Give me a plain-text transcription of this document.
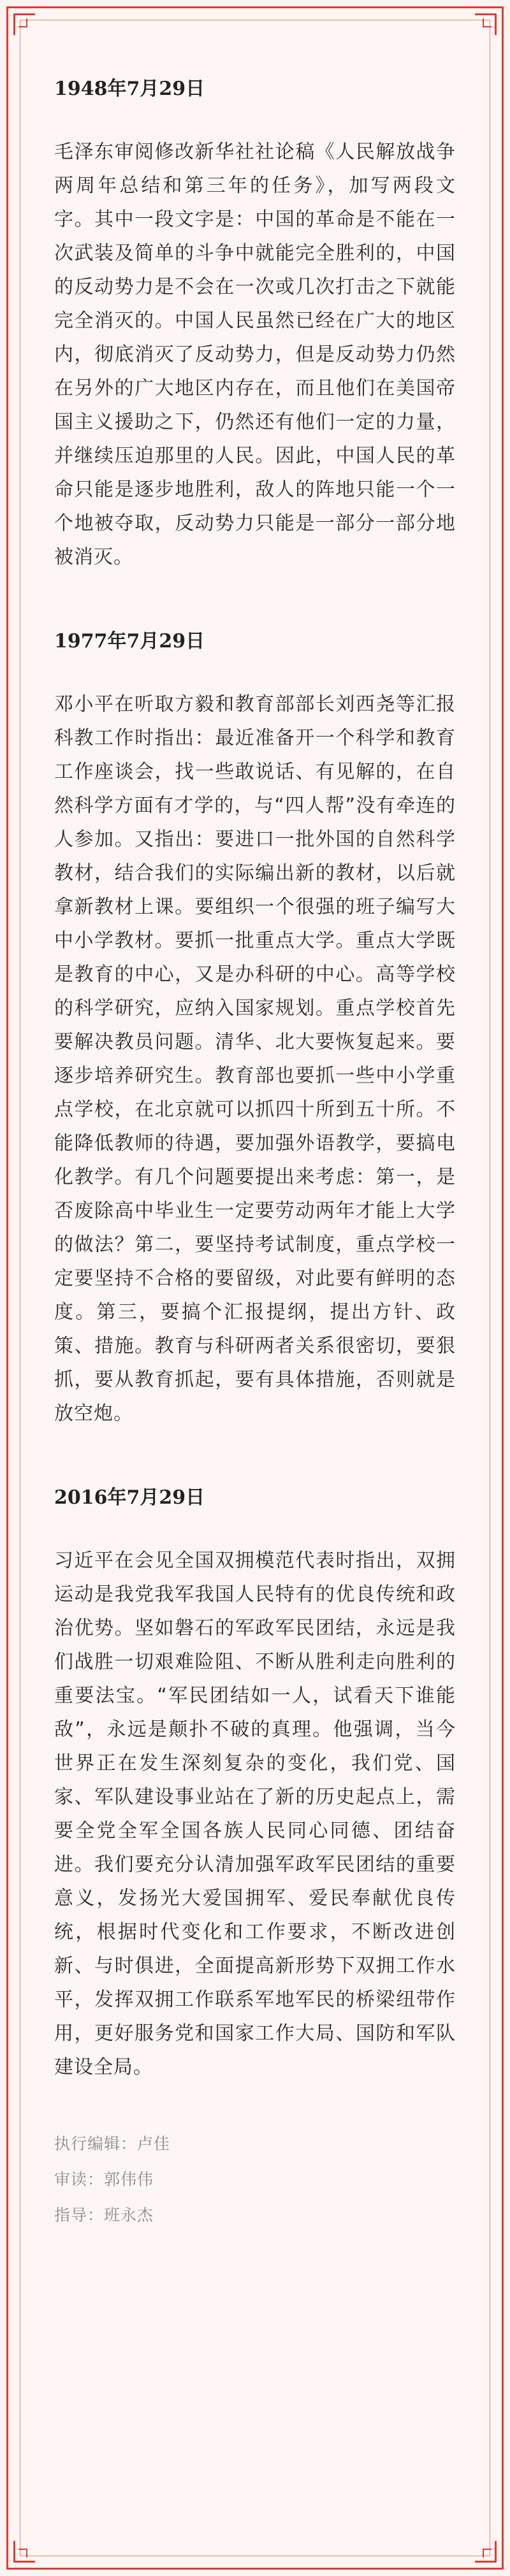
1948年7月29日

毛泽东审阅修改新华社社论稿《人民解放战争两周年总结和第三年的任务》，加写两段文字。其中一段文字是：中国的革命是不能在一次武装及简单的斗争中就能完全胜利的，中国的反动势力是不会在一次或几次打击之下就能完全消灭的。中国人民虽然已经在广大的地区内，彻底消灭了反动势力，但是反动势力仍然在另外的广大地区内存在，而且他们在美国帝国主义援助之下，仍然还有他们一定的力量，并继续压迫那里的人民。因此，中国人民的革命只能是逐步地胜利，敌人的阵地只能一个一个地被夺取，反动势力只能是一部分一部分地被消灭。

1977年7月29日

邓小平在听取方毅和教育部部长刘西尧等汇报科教工作时指出：最近准备开一个科学和教育工作座谈会，找一些敢说话、有见解的，在自然科学方面有才学的，与“四人帮”没有牵连的人参加。又指出：要进口一批外国的自然科学教材，结合我们的实际编出新的教材，以后就拿新教材上课。要组织一个很强的班子编写大中小学教材。要抓一批重点大学。重点大学既是教育的中心，又是办科研的中心。高等学校的科学研究，应纳入国家规划。重点学校首先要解决教员问题。清华、北大要恢复起来。要逐步培养研究生。教育部也要抓一些中小学重点学校，在北京就可以抓四十所到五十所。不能降低教师的待遇，要加强外语教学，要搞电化教学。有几个问题要提出来考虑：第一，是否废除高中毕业生一定要劳动两年才能上大学的做法？第二，要坚持考试制度，重点学校一定要坚持不合格的要留级，对此要有鲜明的态度。第三，要搞个汇报提纲，提出方针、政策、措施。教育与科研两者关系很密切，要狠抓，要从教育抓起，要有具体措施，否则就是放空炮。

2016年7月29日

习近平在会见全国双拥模范代表时指出，双拥运动是我党我军我国人民特有的优良传统和政治优势。坚如磐石的军政军民团结，永远是我们战胜一切艰难险阻、不断从胜利走向胜利的重要法宝。“军民团结如一人，试看天下谁能敌”，永远是颠扑不破的真理。他强调，当今世界正在发生深刻复杂的变化，我们党、国家、军队建设事业站在了新的历史起点上，需要全党全军全国各族人民同心同德、团结奋进。我们要充分认清加强军政军民团结的重要意义，发扬光大爱国拥军、爱民奉献优良传统，根据时代变化和工作要求，不断改进创新、与时俱进，全面提高新形势下双拥工作水平，发挥双拥工作联系军地军民的桥梁纽带作用，更好服务党和国家工作大局、国防和军队建设全局。

执行编辑：卢佳
审读：郭伟伟
指导：班永杰
